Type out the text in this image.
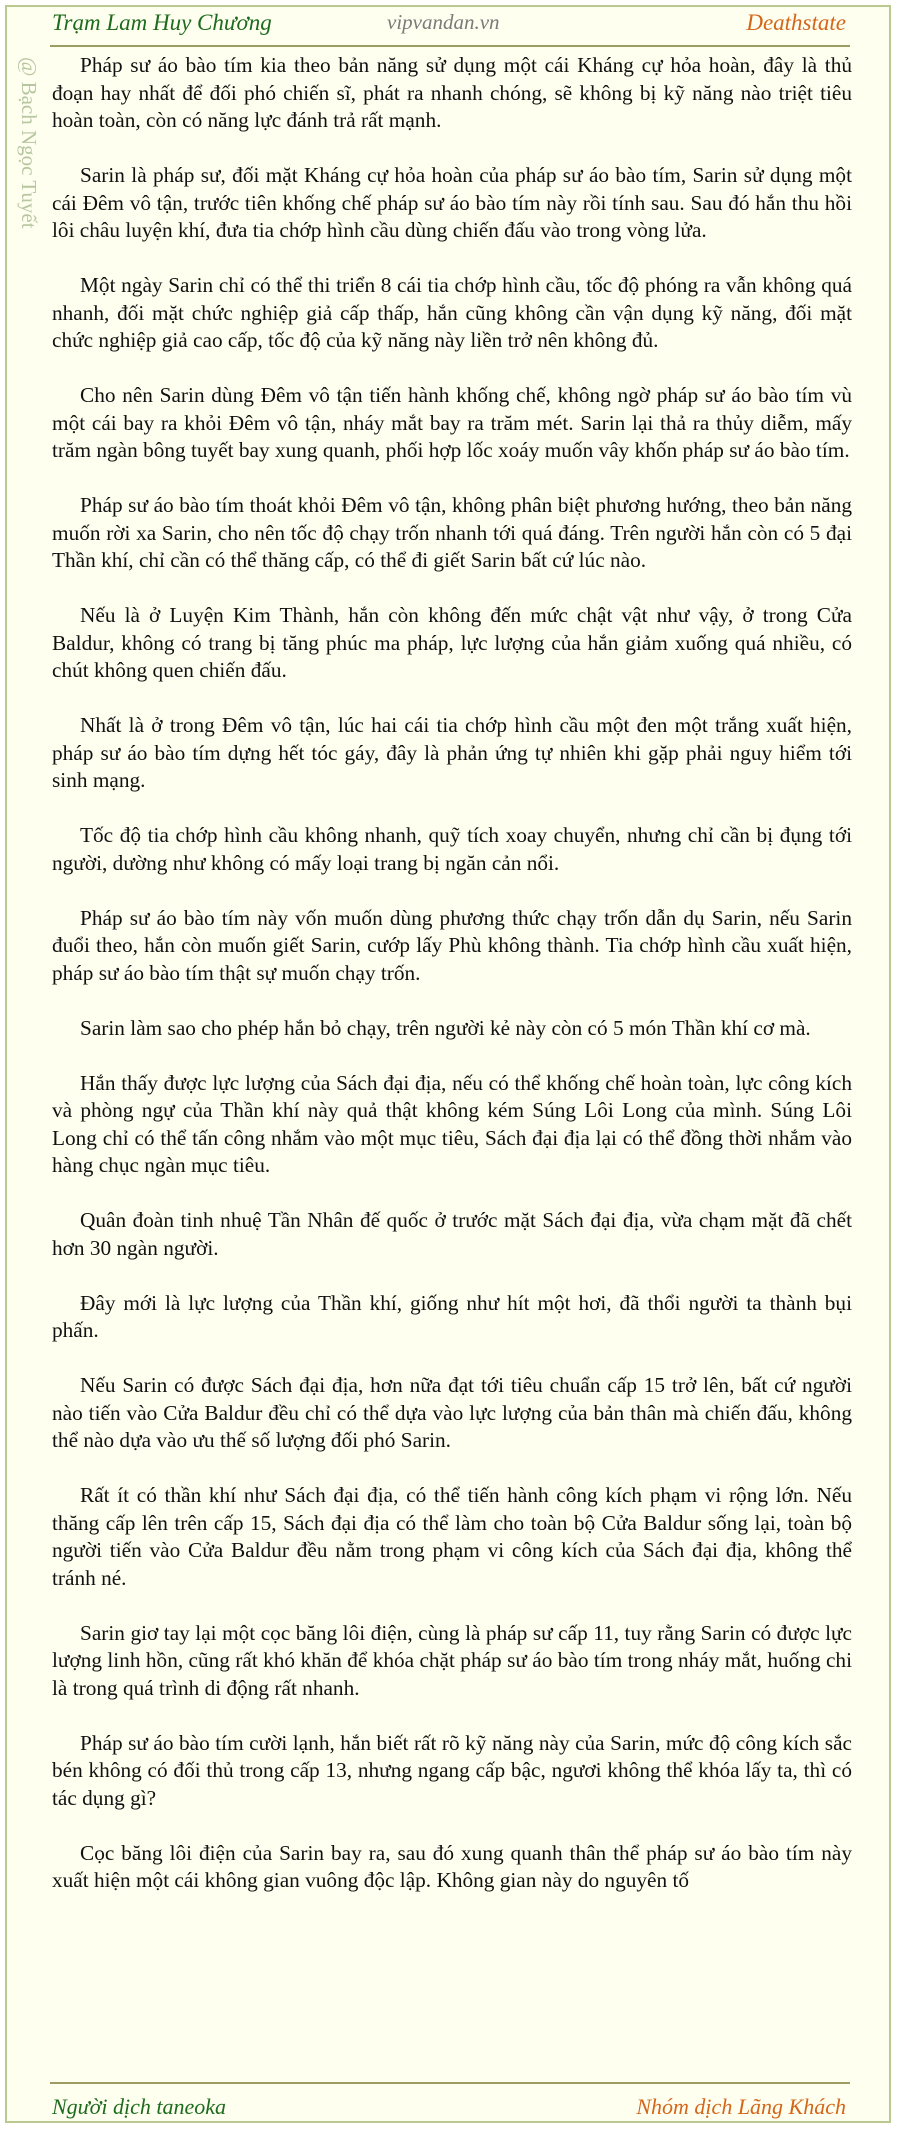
Trạm Lam Huy Chương	vipvandan.vn	Deathstate
@ Bạch Ngọc Tuyết	Pháp sư áo bào tím kia theo bản năng sử dụng một cái Kháng cự hỏa hoàn, đây là thủ đoạn hay nhất để đối phó chiến sĩ, phát ra nhanh chóng, sẽ không bị kỹ năng nào triệt tiêu hoàn toàn, còn có năng lực đánh trả rất mạnh.

Sarin là pháp sư, đối mặt Kháng cự hỏa hoàn của pháp sư áo bào tím, Sarin sử dụng một cái Đêm vô tận, trước tiên khống chế pháp sư áo bào tím này rồi tính sau. Sau đó hắn thu hồi lôi châu luyện khí, đưa tia chớp hình cầu dùng chiến đấu vào trong vòng lửa.

Một ngày Sarin chỉ có thể thi triển 8 cái tia chớp hình cầu, tốc độ phóng ra vẫn không quá nhanh, đối mặt chức nghiệp giả cấp thấp, hắn cũng không cần vận dụng kỹ năng, đối mặt chức nghiệp giả cao cấp, tốc độ của kỹ năng này liền trở nên không đủ.

Cho nên Sarin dùng Đêm vô tận tiến hành khống chế, không ngờ pháp sư áo bào tím vù một cái bay ra khỏi Đêm vô tận, nháy mắt bay ra trăm mét. Sarin lại thả ra thủy diễm, mấy trăm ngàn bông tuyết bay xung quanh, phối hợp lốc xoáy muốn vây khốn pháp sư áo bào tím.

Pháp sư áo bào tím thoát khỏi Đêm vô tận, không phân biệt phương hướng, theo bản năng muốn rời xa Sarin, cho nên tốc độ chạy trốn nhanh tới quá đáng. Trên người hắn còn có 5 đại Thần khí, chỉ cần có thể thăng cấp, có thể đi giết Sarin bất cứ lúc nào.

Nếu là ở Luyện Kim Thành, hắn còn không đến mức chật vật như vậy, ở trong Cửa Baldur, không có trang bị tăng phúc ma pháp, lực lượng của hắn giảm xuống quá nhiều, có chút không quen chiến đấu.

Nhất là ở trong Đêm vô tận, lúc hai cái tia chớp hình cầu một đen một trắng xuất hiện, pháp sư áo bào tím dựng hết tóc gáy, đây là phản ứng tự nhiên khi gặp phải nguy hiểm tới sinh mạng.

Tốc độ tia chớp hình cầu không nhanh, quỹ tích xoay chuyển, nhưng chỉ cần bị đụng tới người, dường như không có mấy loại trang bị ngăn cản nổi.

Pháp sư áo bào tím này vốn muốn dùng phương thức chạy trốn dẫn dụ Sarin, nếu Sarin đuổi theo, hắn còn muốn giết Sarin, cướp lấy Phù không thành. Tia chớp hình cầu xuất hiện, pháp sư áo bào tím thật sự muốn chạy trốn.

Sarin làm sao cho phép hắn bỏ chạy, trên người kẻ này còn có 5 món Thần khí cơ mà.

Hắn thấy được lực lượng của Sách đại địa, nếu có thể khống chế hoàn toàn, lực công kích và phòng ngự của Thần khí này quả thật không kém Súng Lôi Long của mình. Súng Lôi Long chỉ có thể tấn công nhắm vào một mục tiêu, Sách đại địa lại có thể đồng thời nhắm vào hàng chục ngàn mục tiêu.

Quân đoàn tinh nhuệ Tần Nhân đế quốc ở trước mặt Sách đại địa, vừa chạm mặt đã chết hơn 30 ngàn người.

Đây mới là lực lượng của Thần khí, giống như hít một hơi, đã thổi người ta thành bụi phấn.

Nếu Sarin có được Sách đại địa, hơn nữa đạt tới tiêu chuẩn cấp 15 trở lên, bất cứ người nào tiến vào Cửa Baldur đều chỉ có thể dựa vào lực lượng của bản thân mà chiến đấu, không thể nào dựa vào ưu thế số lượng đối phó Sarin.

Rất ít có thần khí như Sách đại địa, có thể tiến hành công kích phạm vi rộng lớn. Nếu thăng cấp lên trên cấp 15, Sách đại địa có thể làm cho toàn bộ Cửa Baldur sống lại, toàn bộ người tiến vào Cửa Baldur đều nằm trong phạm vi công kích của Sách đại địa, không thể tránh né.

Sarin giơ tay lại một cọc băng lôi điện, cùng là pháp sư cấp 11, tuy rằng Sarin có được lực lượng linh hồn, cũng rất khó khăn để khóa chặt pháp sư áo bào tím trong nháy mắt, huống chi là trong quá trình di động rất nhanh.

Pháp sư áo bào tím cười lạnh, hắn biết rất rõ kỹ năng này của Sarin, mức độ công kích sắc bén không có đối thủ trong cấp 13, nhưng ngang cấp bậc, ngươi không thể khóa lấy ta, thì có tác dụng gì?

Cọc băng lôi điện của Sarin bay ra, sau đó xung quanh thân thể pháp sư áo bào tím này xuất hiện một cái không gian vuông độc lập. Không gian này do nguyên tố

Người dịch taneoka	Nhóm dịch Lãng Khách
